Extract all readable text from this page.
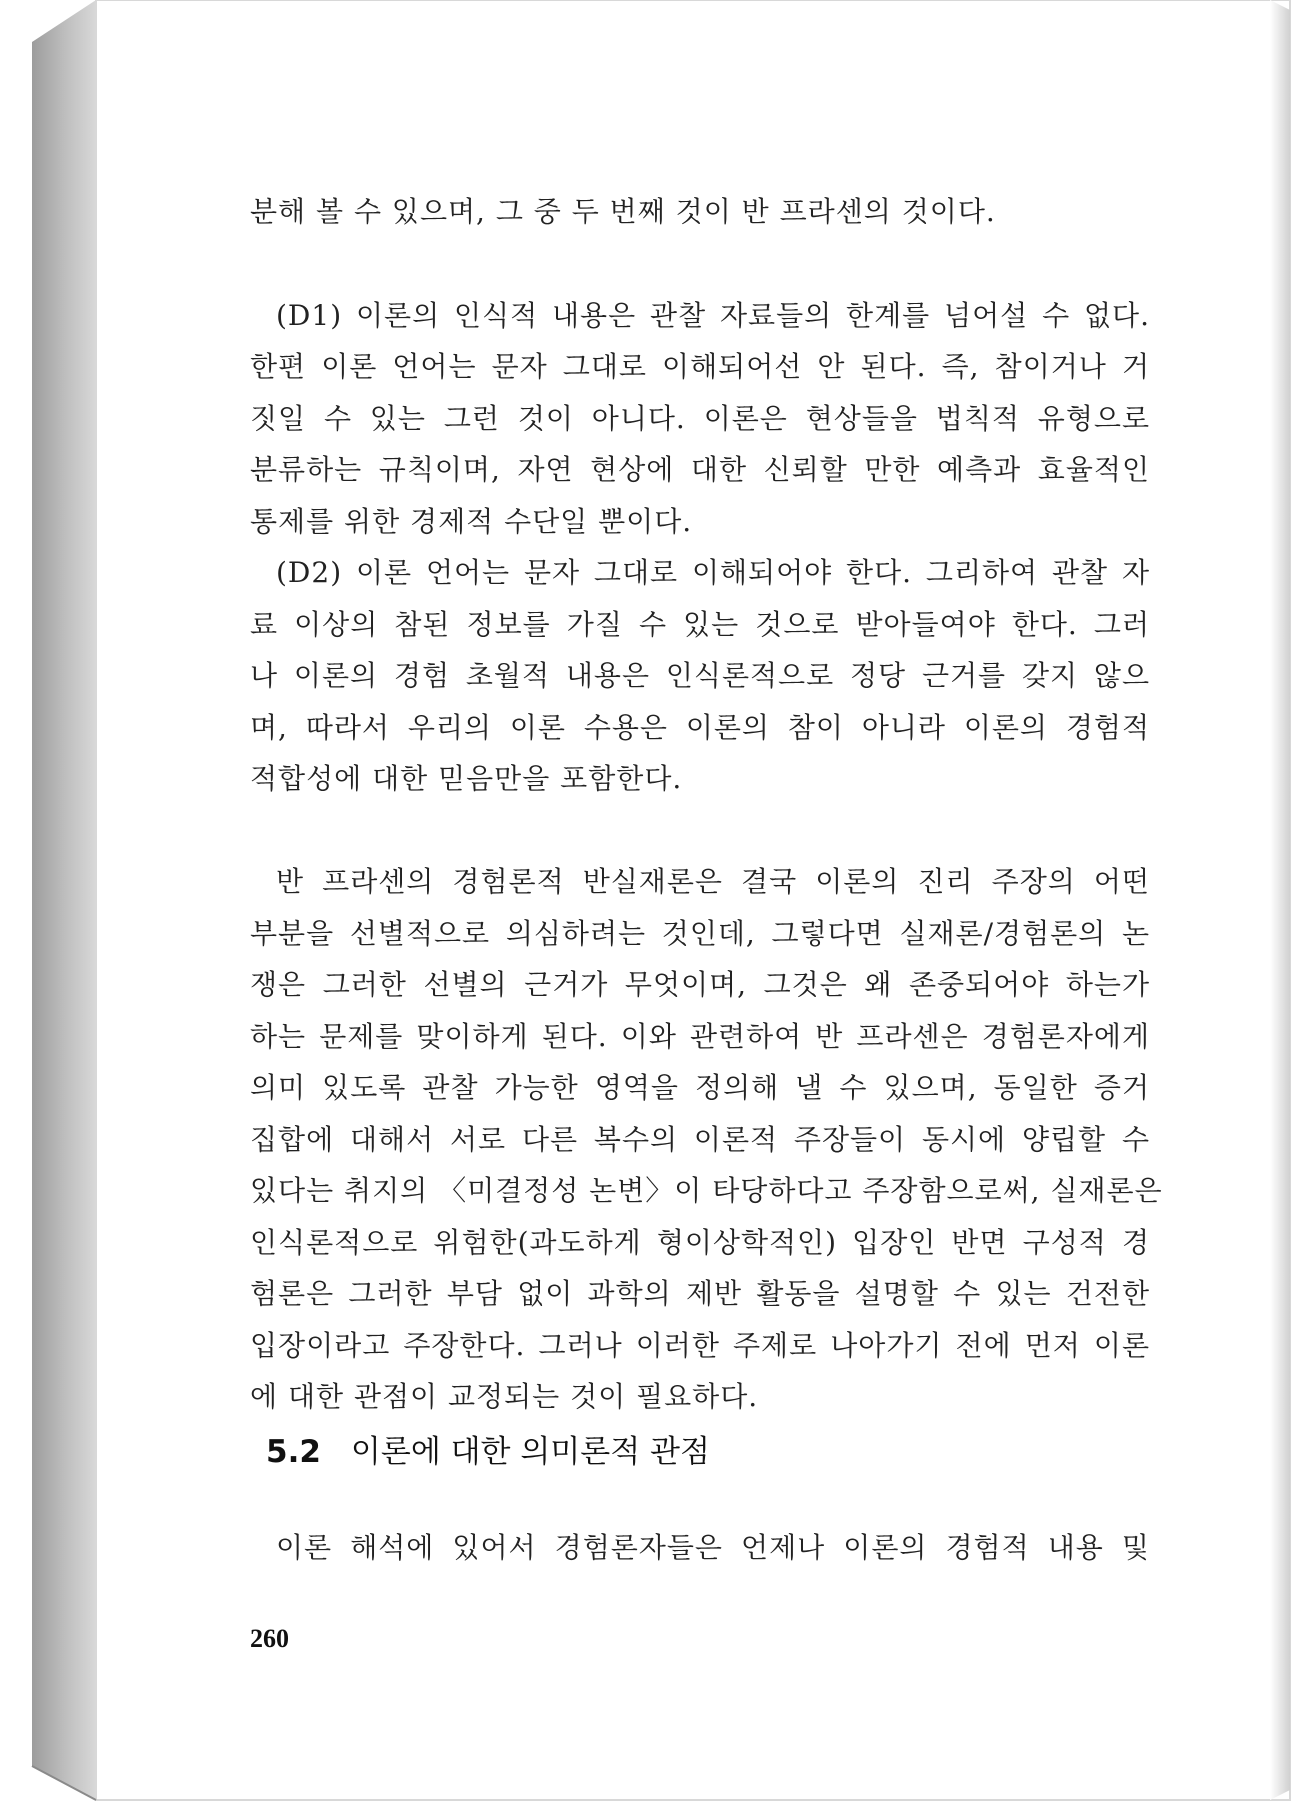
분해 볼 수 있으며, 그 중 두 번째 것이 반 프라센의 것이다.
(D1) 이론의 인식적 내용은 관찰 자료들의 한계를 넘어설 수 없다.
한편 이론 언어는 문자 그대로 이해되어선 안 된다. 즉, 참이거나 거
짓일 수 있는 그런 것이 아니다. 이론은 현상들을 법칙적 유형으로
분류하는 규칙이며, 자연 현상에 대한 신뢰할 만한 예측과 효율적인
통제를 위한 경제적 수단일 뿐이다.
(D2) 이론 언어는 문자 그대로 이해되어야 한다. 그리하여 관찰 자
료 이상의 참된 정보를 가질 수 있는 것으로 받아들여야 한다. 그러
나 이론의 경험 초월적 내용은 인식론적으로 정당 근거를 갖지 않으
며, 따라서 우리의 이론 수용은 이론의 참이 아니라 이론의 경험적
적합성에 대한 믿음만을 포함한다.
반 프라센의 경험론적 반실재론은 결국 이론의 진리 주장의 어떤
부분을 선별적으로 의심하려는 것인데, 그렇다면 실재론/경험론의 논
쟁은 그러한 선별의 근거가 무엇이며, 그것은 왜 존중되어야 하는가
하는 문제를 맞이하게 된다. 이와 관련하여 반 프라센은 경험론자에게
의미 있도록 관찰 가능한 영역을 정의해 낼 수 있으며, 동일한 증거
집합에 대해서 서로 다른 복수의 이론적 주장들이 동시에 양립할 수
있다는 취지의 〈미결정성 논변〉이 타당하다고 주장함으로써, 실재론은
인식론적으로 위험한(과도하게 형이상학적인) 입장인 반면 구성적 경
험론은 그러한 부담 없이 과학의 제반 활동을 설명할 수 있는 건전한
입장이라고 주장한다. 그러나 이러한 주제로 나아가기 전에 먼저 이론
에 대한 관점이 교정되는 것이 필요하다.
5.2 이론에 대한 의미론적 관점
이론 해석에 있어서 경험론자들은 언제나 이론의 경험적 내용 및
260
